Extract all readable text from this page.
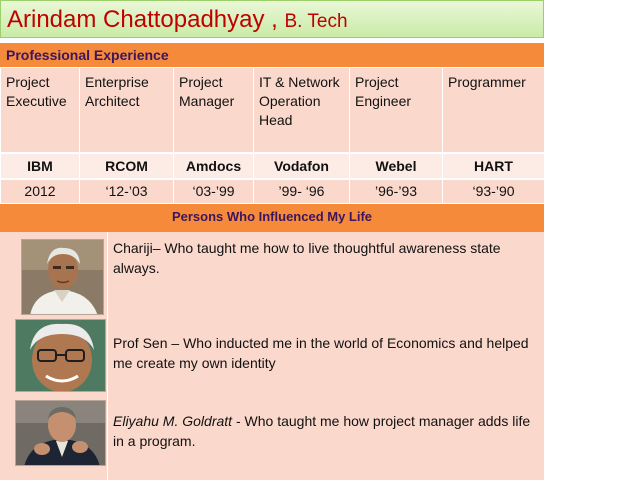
Arindam Chattopadhyay , B. Tech
Professional Experience
Project Executive	Enterprise Architect	Project Manager	IT & Network Operation Head	Project Engineer	Programmer
IBM	RCOM	Amdocs	Vodafon	Webel	HART
2012	‘12-’03	‘03-’99	’99- ‘96	’96-’93	‘93-’90
Persons Who Influenced My Life
Chariji– Who taught me how to live thoughtful awareness state always.
Prof Sen – Who inducted me in the world of Economics and helped me create my own identity
Eliyahu M. Goldratt - Who taught me how project manager adds life in a program.
